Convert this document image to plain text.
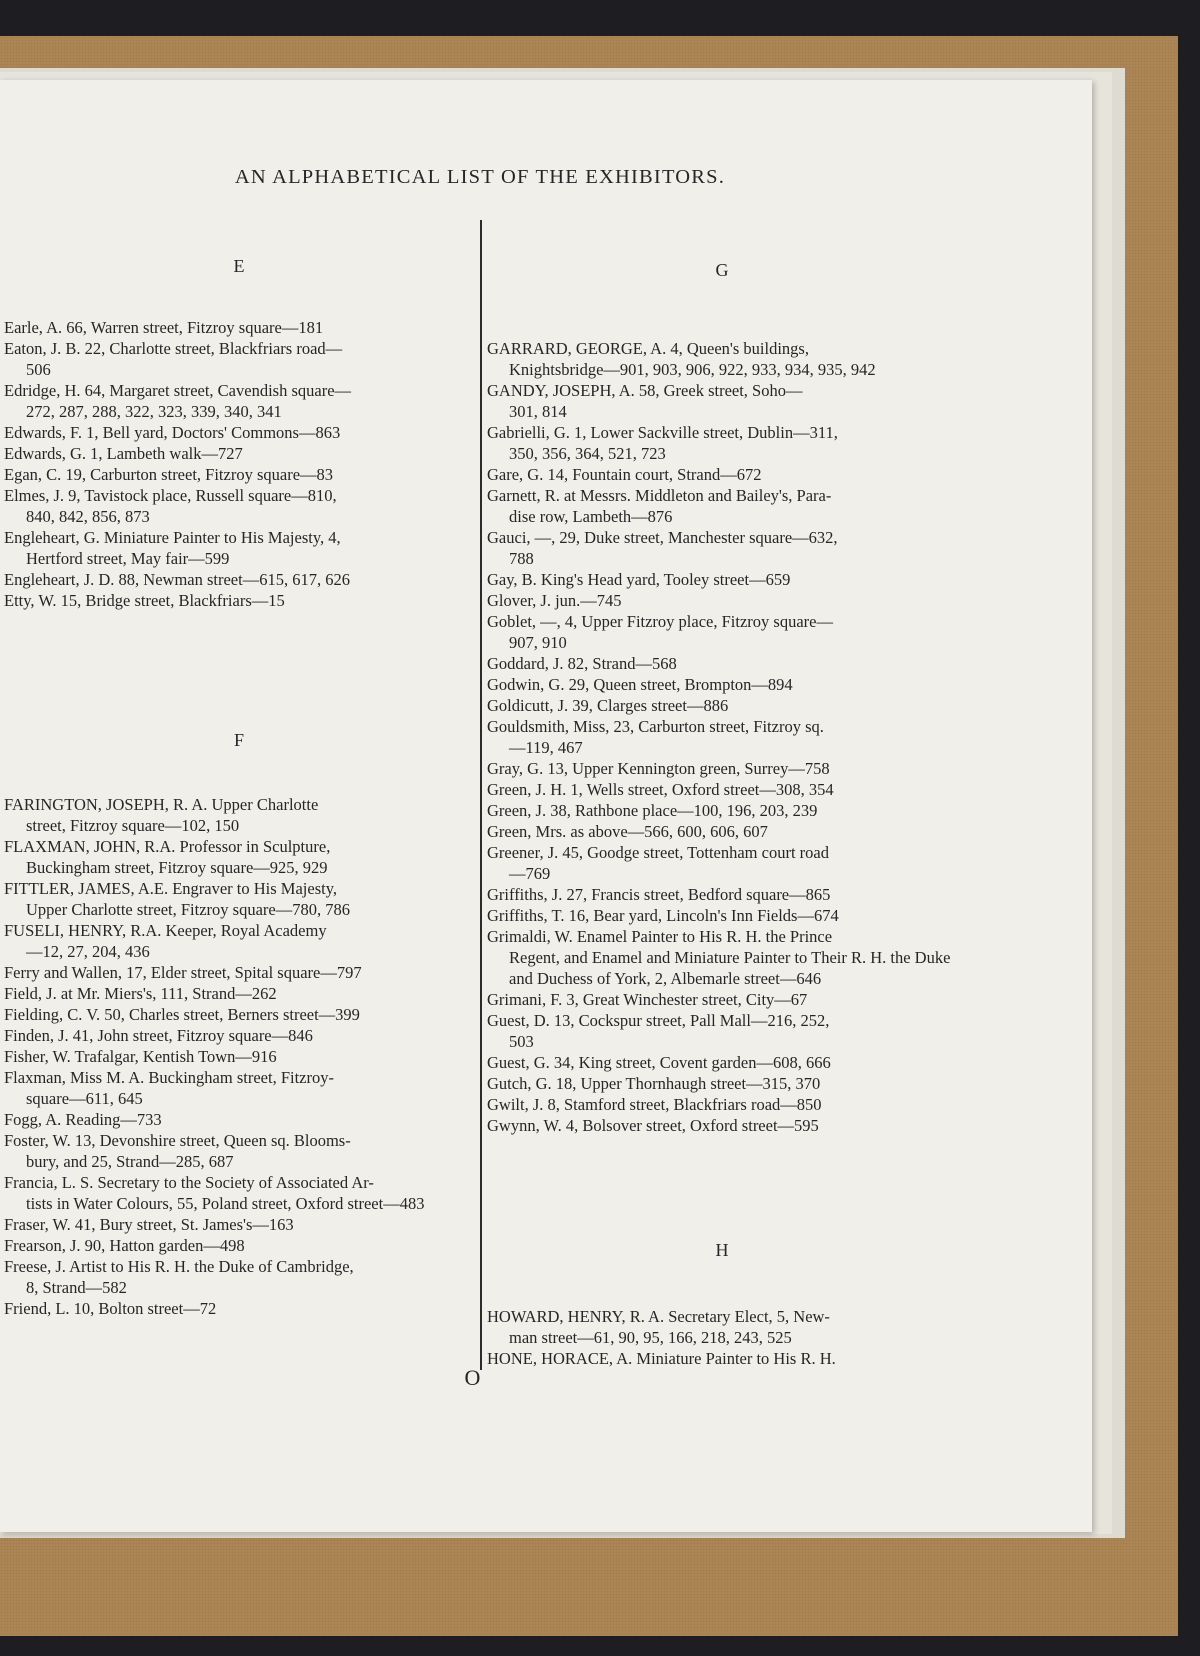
AN ALPHABETICAL LIST OF THE EXHIBITORS.
E

Earle, A. 66, Warren street, Fitzroy square—181

Eaton, J. B. 22, Charlotte street, Blackfriars road—
506

Edridge, H. 64, Margaret street, Cavendish square—
272, 287, 288, 322, 323, 339, 340, 341

Edwards, F. 1, Bell yard, Doctors' Commons—863

Edwards, G. 1, Lambeth walk—727

Egan, C. 19, Carburton street, Fitzroy square—83

Elmes, J. 9, Tavistock place, Russell square—810,
840, 842, 856, 873

Engleheart, G. Miniature Painter to His Majesty, 4,
Hertford street, May fair—599

Engleheart, J. D. 88, Newman street—615, 617, 626

Etty, W. 15, Bridge street, Blackfriars—15

F

FARINGTON, JOSEPH, R. A. Upper Charlotte
street, Fitzroy square—102, 150

FLAXMAN, JOHN, R.A. Professor in Sculpture,
Buckingham street, Fitzroy square—925, 929

FITTLER, JAMES, A.E. Engraver to His Majesty,
Upper Charlotte street, Fitzroy square—780, 786

FUSELI, HENRY, R.A. Keeper, Royal Academy
—12, 27, 204, 436

Ferry and Wallen, 17, Elder street, Spital square—797

Field, J. at Mr. Miers's, 111, Strand—262

Fielding, C. V. 50, Charles street, Berners street—399

Finden, J. 41, John street, Fitzroy square—846

Fisher, W. Trafalgar, Kentish Town—916

Flaxman, Miss M. A. Buckingham street, Fitzroy-
square—611, 645

Fogg, A. Reading—733

Foster, W. 13, Devonshire street, Queen sq. Blooms-
bury, and 25, Strand—285, 687

Francia, L. S. Secretary to the Society of Associated Ar-
tists in Water Colours, 55, Poland street, Oxford street—483

Fraser, W. 41, Bury street, St. James's—163

Frearson, J. 90, Hatton garden—498

Freese, J. Artist to His R. H. the Duke of Cambridge,
8, Strand—582

Friend, L. 10, Bolton street—72

G

GARRARD, GEORGE, A. 4, Queen's buildings,
Knightsbridge—901, 903, 906, 922, 933, 934, 935, 942

GANDY, JOSEPH, A. 58, Greek street, Soho—
301, 814

Gabrielli, G. 1, Lower Sackville street, Dublin—311,
350, 356, 364, 521, 723

Gare, G. 14, Fountain court, Strand—672

Garnett, R. at Messrs. Middleton and Bailey's, Para-
dise row, Lambeth—876

Gauci, —, 29, Duke street, Manchester square—632,
788

Gay, B. King's Head yard, Tooley street—659

Glover, J. jun.—745

Goblet, —, 4, Upper Fitzroy place, Fitzroy square—
907, 910

Goddard, J. 82, Strand—568

Godwin, G. 29, Queen street, Brompton—894

Goldicutt, J. 39, Clarges street—886

Gouldsmith, Miss, 23, Carburton street, Fitzroy sq.
—119, 467

Gray, G. 13, Upper Kennington green, Surrey—758

Green, J. H. 1, Wells street, Oxford street—308, 354

Green, J. 38, Rathbone place—100, 196, 203, 239

Green, Mrs. as above—566, 600, 606, 607

Greener, J. 45, Goodge street, Tottenham court road
—769

Griffiths, J. 27, Francis street, Bedford square—865

Griffiths, T. 16, Bear yard, Lincoln's Inn Fields—674

Grimaldi, W. Enamel Painter to His R. H. the Prince
Regent, and Enamel and Miniature Painter to Their R. H. the Duke and Duchess of York, 2, Albemarle street—646

Grimani, F. 3, Great Winchester street, City—67

Guest, D. 13, Cockspur street, Pall Mall—216, 252,
503

Guest, G. 34, King street, Covent garden—608, 666

Gutch, G. 18, Upper Thornhaugh street—315, 370

Gwilt, J. 8, Stamford street, Blackfriars road—850

Gwynn, W. 4, Bolsover street, Oxford street—595

H

HOWARD, HENRY, R. A. Secretary Elect, 5, New-
man street—61, 90, 95, 166, 218, 243, 525

HONE, HORACE, A. Miniature Painter to His R. H.

O
